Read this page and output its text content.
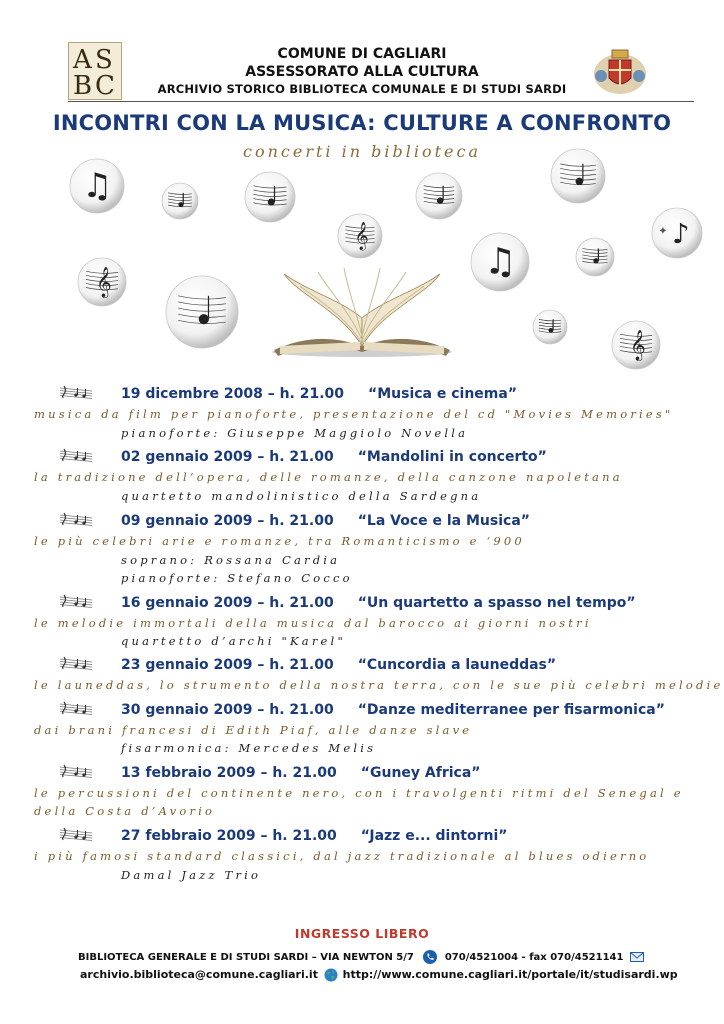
A S
B C
COMUNE DI CAGLIARI
ASSESSORATO ALLA CULTURA
ARCHIVIO STORICO BIBLIOTECA COMUNALE E DI STUDI SARDI
INCONTRI CON LA MUSICA: CULTURE A CONFRONTO
concerti in biblioteca
♫
𝄞	♪
✦
𝄞	♫
𝄞
19 dicembre 2008 – h. 21.00 “Musica e cinema”
musica da film per pianoforte, presentazione del cd "Movies Memories"
pianoforte: Giuseppe Maggiolo Novella
02 gennaio 2009 – h. 21.00 “Mandolini in concerto”
la tradizione dell’opera, delle romanze, della canzone napoletana
quartetto mandolinistico della Sardegna
09 gennaio 2009 – h. 21.00 “La Voce e la Musica”
le più celebri arie e romanze, tra Romanticismo e ‘900
soprano: Rossana Cardia
pianoforte: Stefano Cocco
16 gennaio 2009 – h. 21.00 “Un quartetto a spasso nel tempo”
le melodie immortali della musica dal barocco ai giorni nostri
quartetto d’archi "Karel"
23 gennaio 2009 – h. 21.00 “Cuncordia a launeddas”
le launeddas, lo strumento della nostra terra, con le sue più celebri melodie
30 gennaio 2009 – h. 21.00 “Danze mediterranee per fisarmonica”
dai brani francesi di Edith Piaf, alle danze slave
fisarmonica: Mercedes Melis
13 febbraio 2009 – h. 21.00 “Guney Africa”
le percussioni del continente nero, con i travolgenti ritmi del Senegal e
della Costa d’Avorio
27 febbraio 2009 – h. 21.00 “Jazz e... dintorni”
i più famosi standard classici, dal jazz tradizionale al blues odierno
Damal Jazz Trio
INGRESSO LIBERO
BIBLIOTECA GENERALE E DI STUDI SARDI – VIA NEWTON 5/7	070/4521004 - fax 070/4521141
archivio.biblioteca@comune.cagliari.it http://www.comune.cagliari.it/portale/it/studisardi.wp
